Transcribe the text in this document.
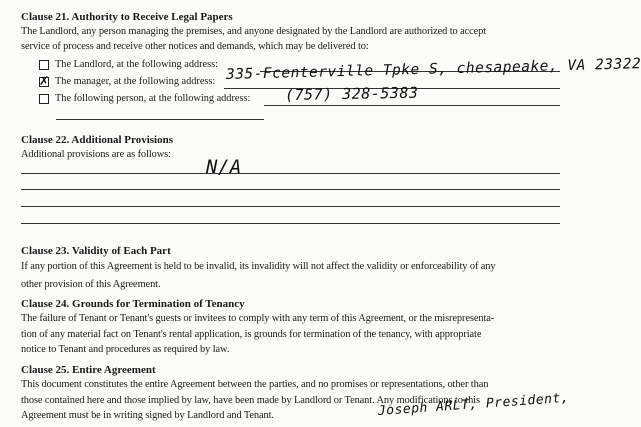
Clause 21. Authority to Receive Legal Papers
The Landlord, any person managing the premises, and anyone designated by the Landlord are authorized to accept
service of process and receive other notices and demands, which may be delivered to:
The Landlord, at the following address:
✗ The manager, at the following address: 335-Fcenterville Tpke S, chesapeake, VA 23322
The following person, at the following address: (757) 328-5383
Clause 22. Additional Provisions
Additional provisions are as follows:
N/A
Clause 23. Validity of Each Part
If any portion of this Agreement is held to be invalid, its invalidity will not affect the validity or enforceability of any
other provision of this Agreement.
Clause 24. Grounds for Termination of Tenancy
The failure of Tenant or Tenant's guests or invitees to comply with any term of this Agreement, or the misrepresenta-
tion of any material fact on Tenant's rental application, is grounds for termination of the tenancy, with appropriate
notice to Tenant and procedures as required by law.
Clause 25. Entire Agreement
This document constitutes the entire Agreement between the parties, and no promises or representations, other than
those contained here and those implied by law, have been made by Landlord or Tenant. Any modifications to this
Agreement must be in writing signed by Landlord and Tenant.	Joseph ARLT, President,
